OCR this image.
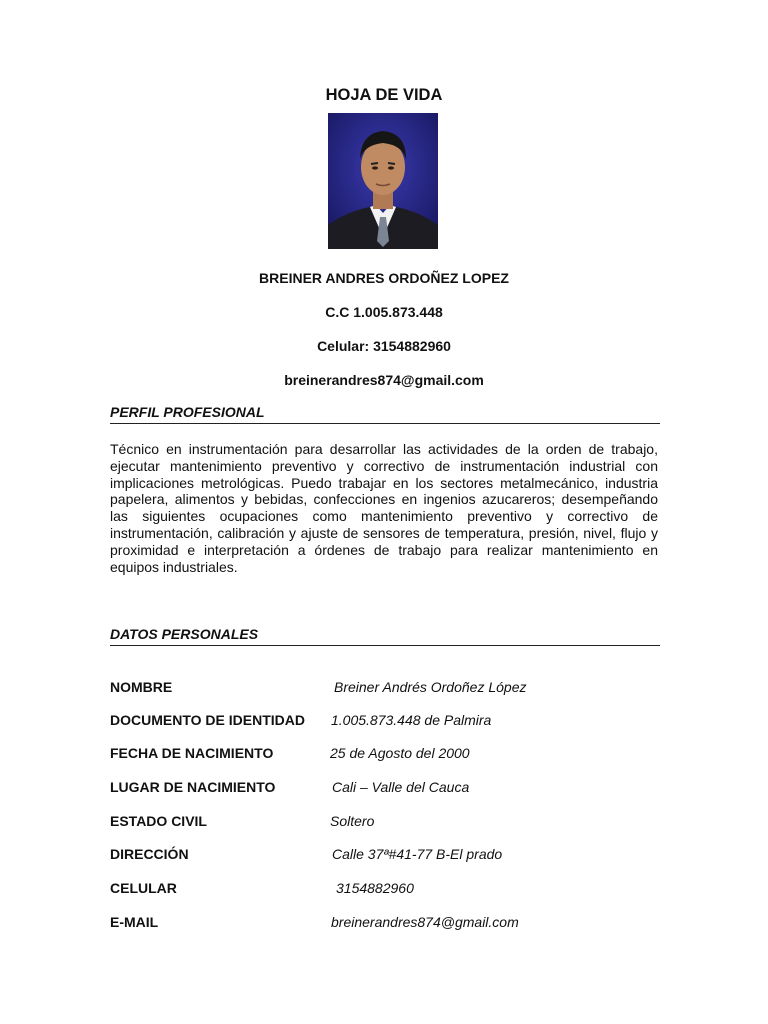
HOJA DE VIDA
BREINER ANDRES ORDOÑEZ LOPEZ
C.C 1.005.873.448
Celular: 3154882960
breinerandres874@gmail.com
PERFIL PROFESIONAL
Técnico en instrumentación para desarrollar las actividades de la orden de trabajo, ejecutar mantenimiento preventivo y correctivo de instrumentación industrial con implicaciones metrológicas. Puedo trabajar en los sectores metalmecánico, industria papelera, alimentos y bebidas, confecciones en ingenios azucareros; desempeñando las siguientes ocupaciones como mantenimiento preventivo y correctivo de instrumentación, calibración y ajuste de sensores de temperatura, presión, nivel, flujo y proximidad e interpretación a órdenes de trabajo para realizar mantenimiento en equipos industriales.
DATOS PERSONALES
NOMBRE	Breiner Andrés Ordoñez López
DOCUMENTO DE IDENTIDAD 1.005.873.448 de Palmira
FECHA DE NACIMIENTO	25 de Agosto del 2000
LUGAR DE NACIMIENTO	Cali – Valle del Cauca
ESTADO CIVIL	Soltero
DIRECCIÓN	Calle 37ª#41-77 B-El prado
CELULAR	3154882960
E-MAIL	breinerandres874@gmail.com
